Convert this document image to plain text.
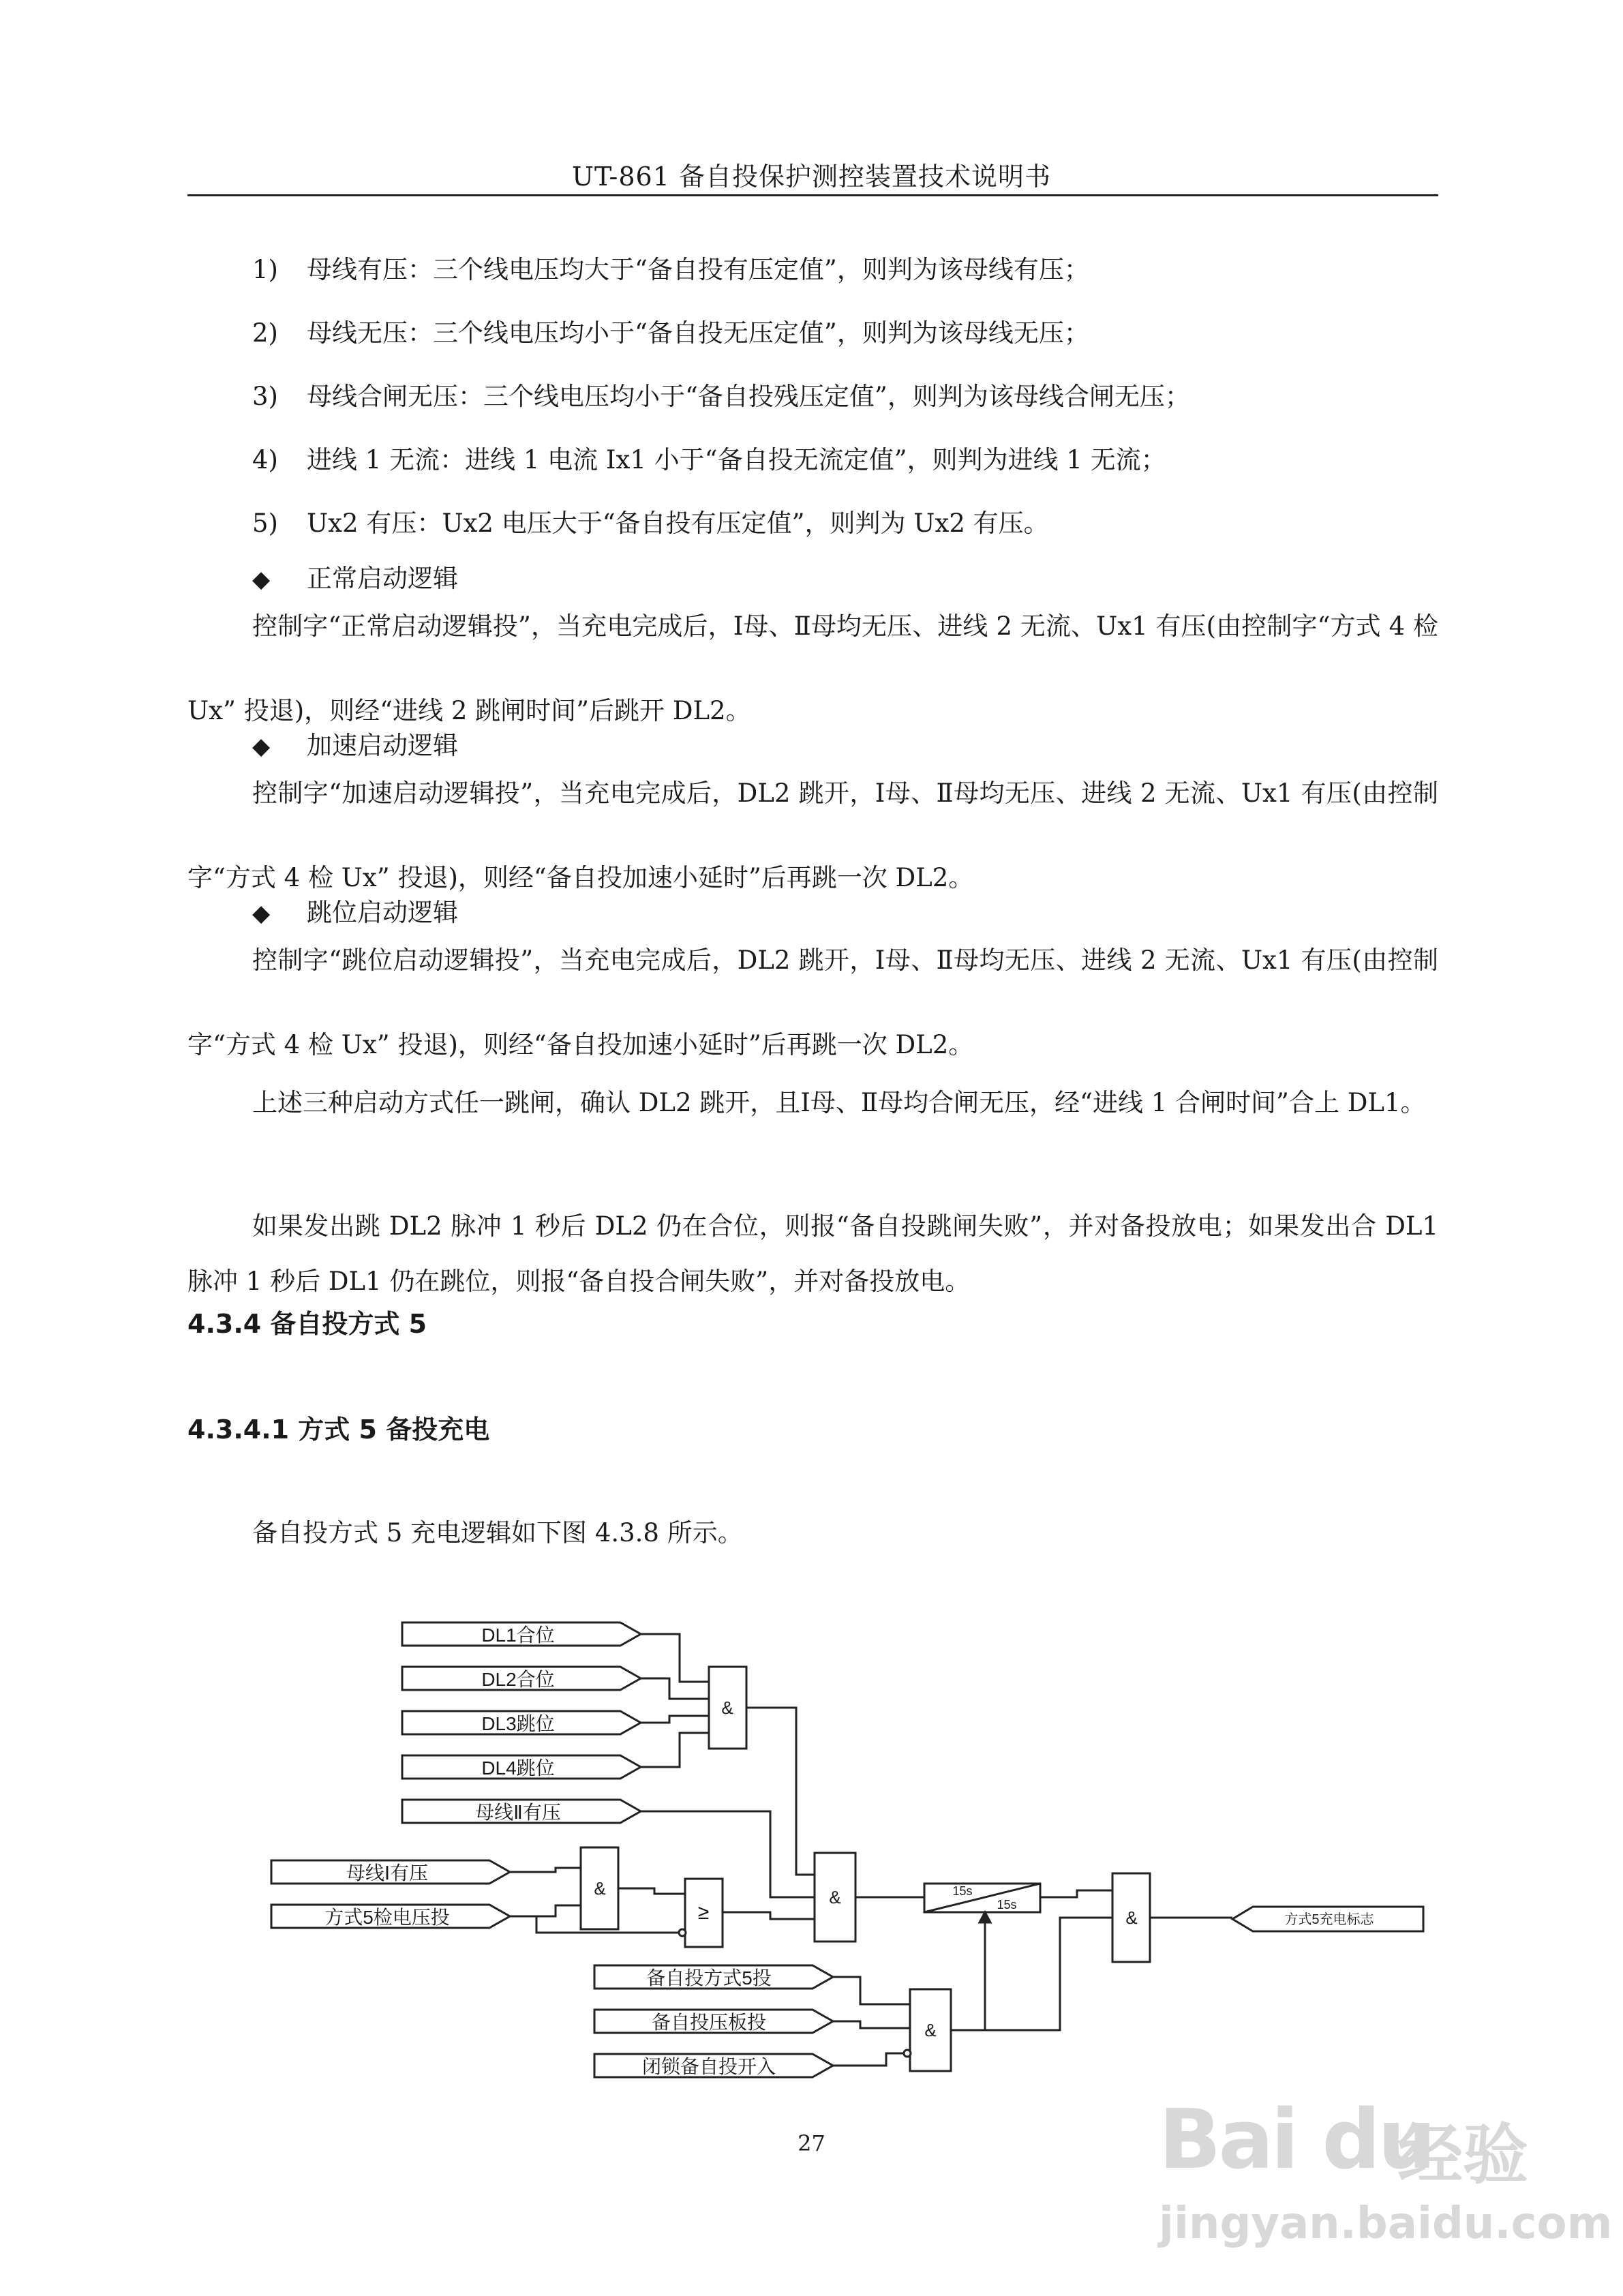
UT-861 备自投保护测控装置技术说明书
1) 母线有压：三个线电压均大于“备自投有压定值”，则判为该母线有压；
2) 母线无压：三个线电压均小于“备自投无压定值”，则判为该母线无压；
3) 母线合闸无压：三个线电压均小于“备自投残压定值”，则判为该母线合闸无压；
4) 进线 1 无流：进线 1 电流 Ix1 小于“备自投无流定值”，则判为进线 1 无流；
5) Ux2 有压：Ux2 电压大于“备自投有压定值”，则判为 Ux2 有压。
◆ 正常启动逻辑

控制字“正常启动逻辑投”，当充电完成后，Ⅰ母、Ⅱ母均无压、进线 2 无流、Ux1 有压(由控制字“方式 4 检 Ux” 投退)，则经“进线 2 跳闸时间”后跳开 DL2。

◆ 加速启动逻辑

控制字“加速启动逻辑投”，当充电完成后，DL2 跳开，Ⅰ母、Ⅱ母均无压、进线 2 无流、Ux1 有压(由控制字“方式 4 检 Ux” 投退)，则经“备自投加速小延时”后再跳一次 DL2。

◆ 跳位启动逻辑

控制字“跳位启动逻辑投”，当充电完成后，DL2 跳开，Ⅰ母、Ⅱ母均无压、进线 2 无流、Ux1 有压(由控制字“方式 4 检 Ux” 投退)，则经“备自投加速小延时”后再跳一次 DL2。

上述三种启动方式任一跳闸，确认 DL2 跳开，且Ⅰ母、Ⅱ母均合闸无压，经“进线 1 合闸时间”合上 DL1。

如果发出跳 DL2 脉冲 1 秒后 DL2 仍在合位，则报“备自投跳闸失败”，并对备投放电；如果发出合 DL1 脉冲 1 秒后 DL1 仍在跳位，则报“备自投合闸失败”，并对备投放电。

4.3.4 备自投方式 5
4.3.4.1 方式 5 备投充电
备自投方式 5 充电逻辑如下图 4.3.8 所示。
DL1合位
DL2合位
DL3跳位
DL4跳位
母线Ⅱ有压
母线Ⅰ有压
方式5检电压投
备自投方式5投
备自投压板投
闭锁备自投开入
方式5充电标志
&
&
≥
&
&
&
15s
15s
27	Bai du
经验
jingyan.baidu.com
